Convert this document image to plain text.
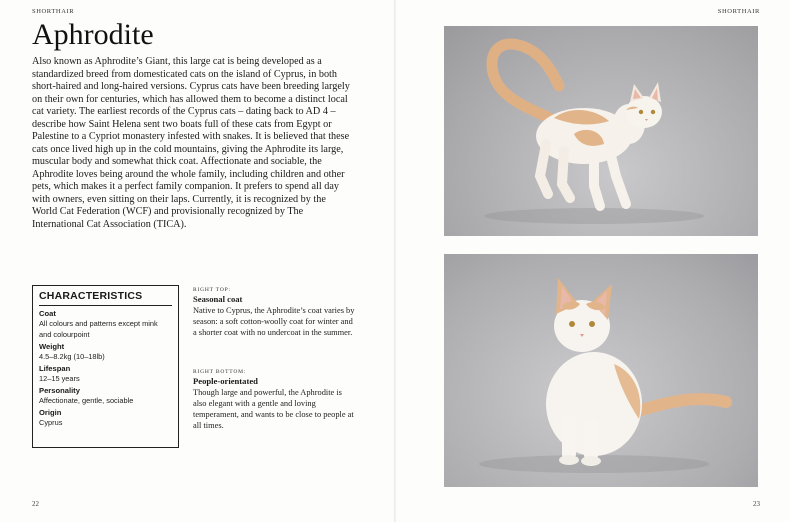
SHORTHAIR
Aphrodite

Also known as Aphrodite’s Giant, this large cat is being developed as a standardized breed from domesticated cats on the island of Cyprus, in both short-haired and long-haired versions. Cyprus cats have been breeding largely on their own for centuries, which has allowed them to become a distinct local cat variety. The earliest records of the Cyprus cats – dating back to AD 4 – describe how Saint Helena sent two boats full of these cats from Egypt or Palestine to a Cypriot monastery infested with snakes. It is believed that these cats once lived high up in the cold mountains, giving the Aphrodite its large, muscular body and somewhat thick coat. Affectionate and sociable, the Aphrodite loves being around the whole family, including children and other pets, which makes it a perfect family companion. It prefers to spend all day with owners, even sitting on their laps. Currently, it is recognized by the World Cat Federation (WCF) and provisionally recognized by The International Cat Association (TICA).

CHARACTERISTICS
Coat
All colours and patterns except mink and colourpoint
Weight
4.5–8.2kg (10–18lb)
Lifespan
12–15 years
Personality
Affectionate, gentle, sociable
Origin
Cyprus
RIGHT TOP:
Seasonal coat
Native to Cyprus, the Aphrodite’s coat varies by season: a soft cotton-woolly coat for winter and a shorter coat with no undercoat in the summer.
RIGHT BOTTOM:
People-orientated
Though large and powerful, the Aphrodite is also elegant with a gentle and loving temperament, and wants to be close to people at all times.
22
SHORTHAIR
23
